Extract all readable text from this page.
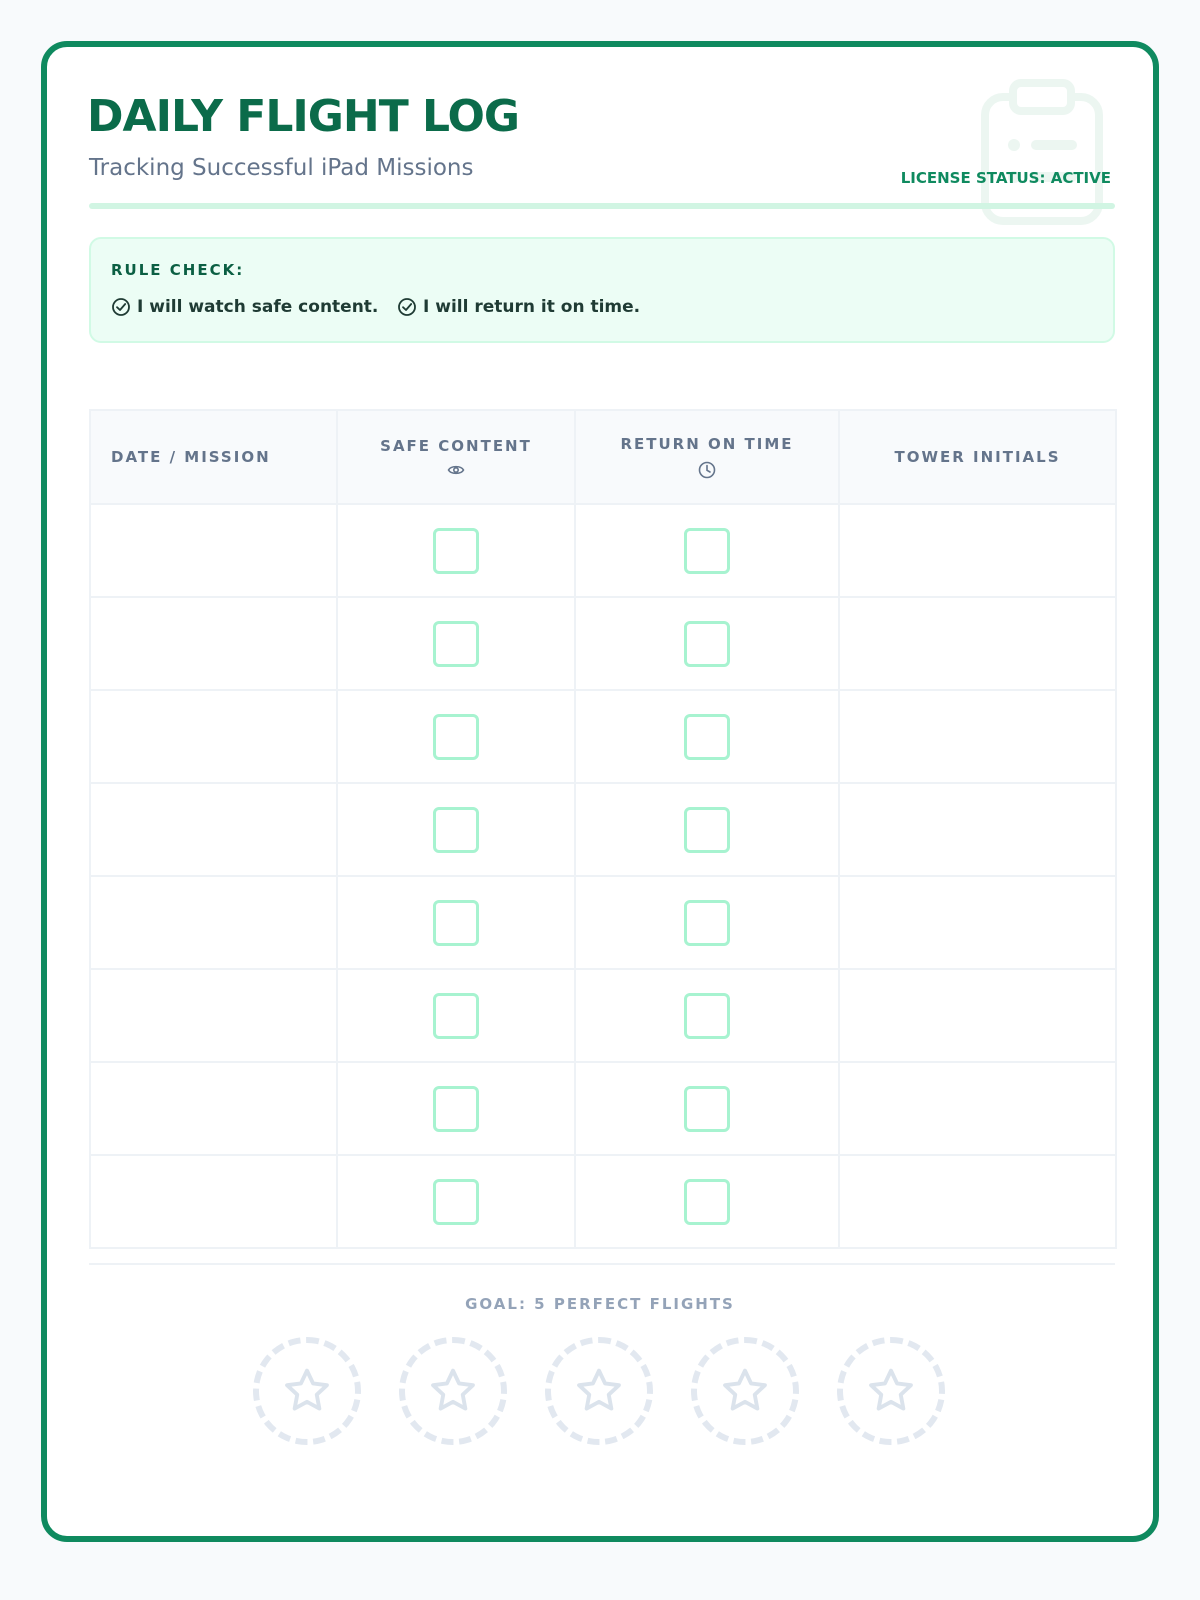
DAILY FLIGHT LOG
Tracking Successful iPad Missions	LICENSE STATUS: ACTIVE
RULE CHECK:
I will watch safe content.	I will return it on time.
DATE / MISSION	SAFE CONTENT	RETURN ON TIME	TOWER INITIALS

GOAL: 5 PERFECT FLIGHTS
